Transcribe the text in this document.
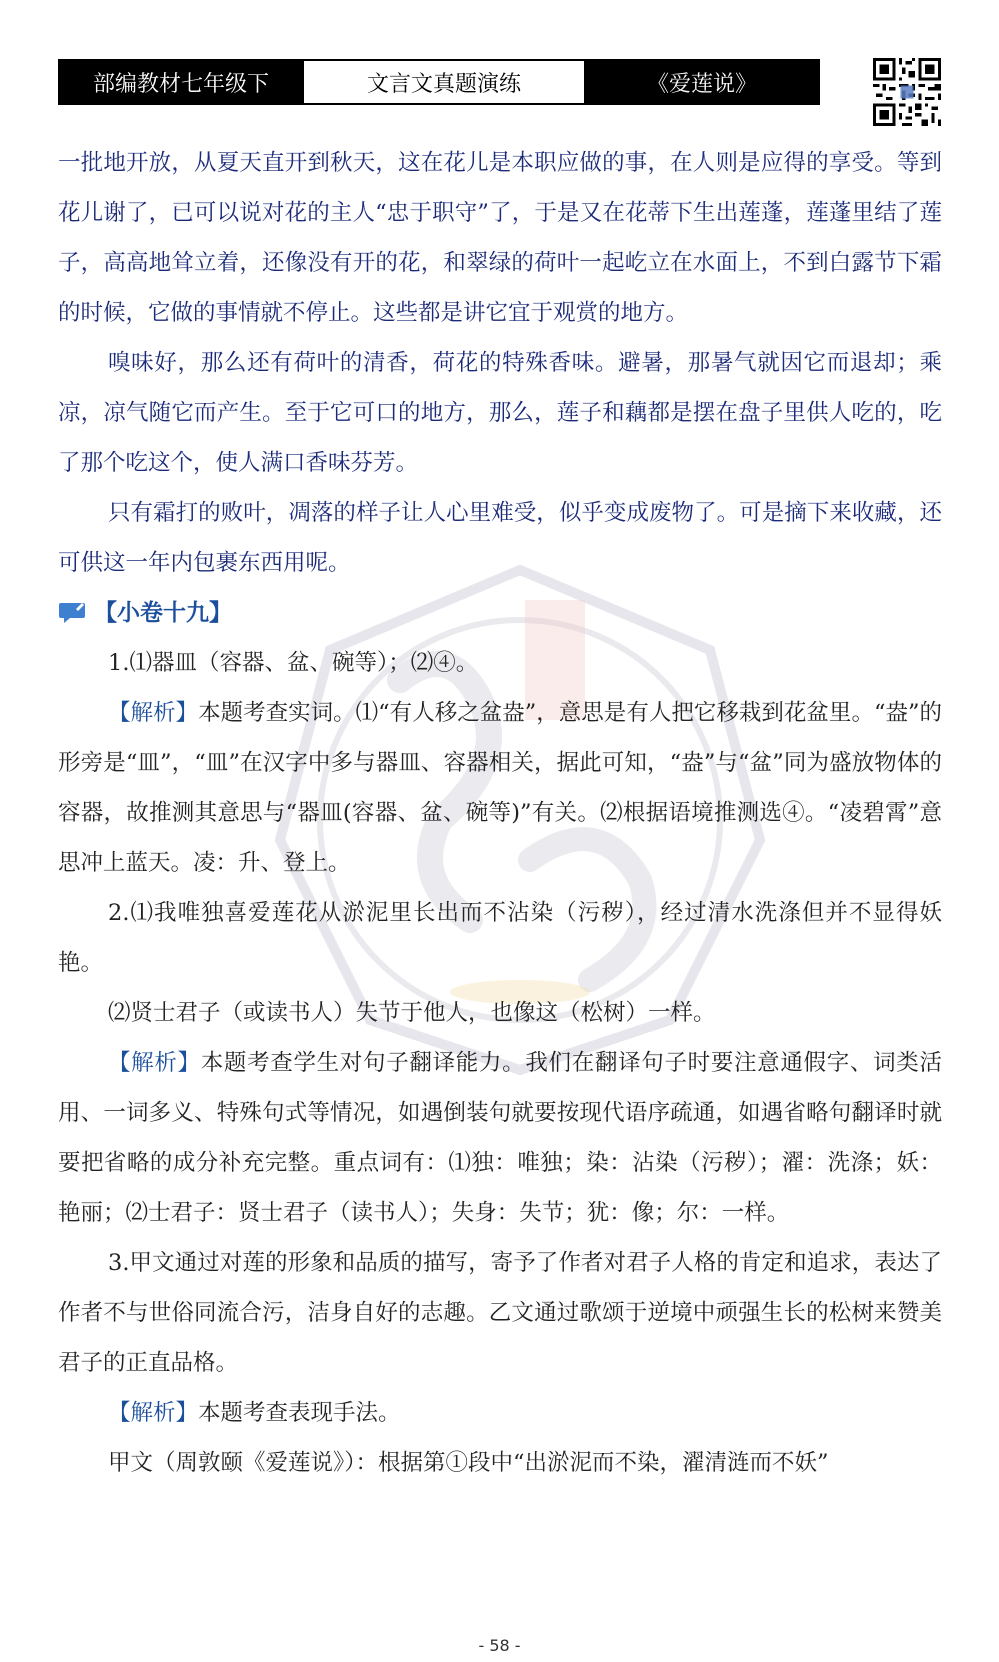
部编教材七年级下	文言文真题演练	《爱莲说》

一批地开放，从夏天直开到秋天，这在花儿是本职应做的事，在人则是应得的享受。等到花儿谢了，已可以说对花的主人“忠于职守”了，于是又在花蒂下生出莲蓬，莲蓬里结了莲子，高高地耸立着，还像没有开的花，和翠绿的荷叶一起屹立在水面上，不到白露节下霜的时候，它做的事情就不停止。这些都是讲它宜于观赏的地方。

嗅味好，那么还有荷叶的清香，荷花的特殊香味。避暑，那暑气就因它而退却；乘凉，凉气随它而产生。至于它可口的地方，那么，莲子和藕都是摆在盘子里供人吃的，吃了那个吃这个，使人满口香味芬芳。

只有霜打的败叶，凋落的样子让人心里难受，似乎变成废物了。可是摘下来收藏，还可供这一年内包裹东西用呢。

【小卷十九】

1.⑴器皿（容器、盆、碗等）；⑵④。

【解析】本题考查实词。⑴“有人移之盆盎”，意思是有人把它移栽到花盆里。“盎”的形旁是“皿”，“皿”在汉字中多与器皿、容器相关，据此可知，“盎”与“盆”同为盛放物体的容器，故推测其意思与“器皿(容器、盆、碗等)”有关。⑵根据语境推测选④。“凌碧霄”意思冲上蓝天。凌：升、登上。

2.⑴我唯独喜爱莲花从淤泥里长出而不沾染（污秽），经过清水洗涤但并不显得妖艳。

⑵贤士君子（或读书人）失节于他人，也像这（松树）一样。

【解析】本题考查学生对句子翻译能力。我们在翻译句子时要注意通假字、词类活用、一词多义、特殊句式等情况，如遇倒装句就要按现代语序疏通，如遇省略句翻译时就要把省略的成分补充完整。重点词有：⑴独：唯独；染：沾染（污秽）；濯：洗涤；妖：艳丽；⑵士君子：贤士君子（读书人）；失身：失节；犹：像；尔：一样。

3.甲文通过对莲的形象和品质的描写，寄予了作者对君子人格的肯定和追求，表达了作者不与世俗同流合污，洁身自好的志趣。乙文通过歌颂于逆境中顽强生长的松树来赞美君子的正直品格。

【解析】本题考查表现手法。

甲文（周敦颐《爱莲说》）：根据第①段中“出淤泥而不染，濯清涟而不妖”

- 58 -
